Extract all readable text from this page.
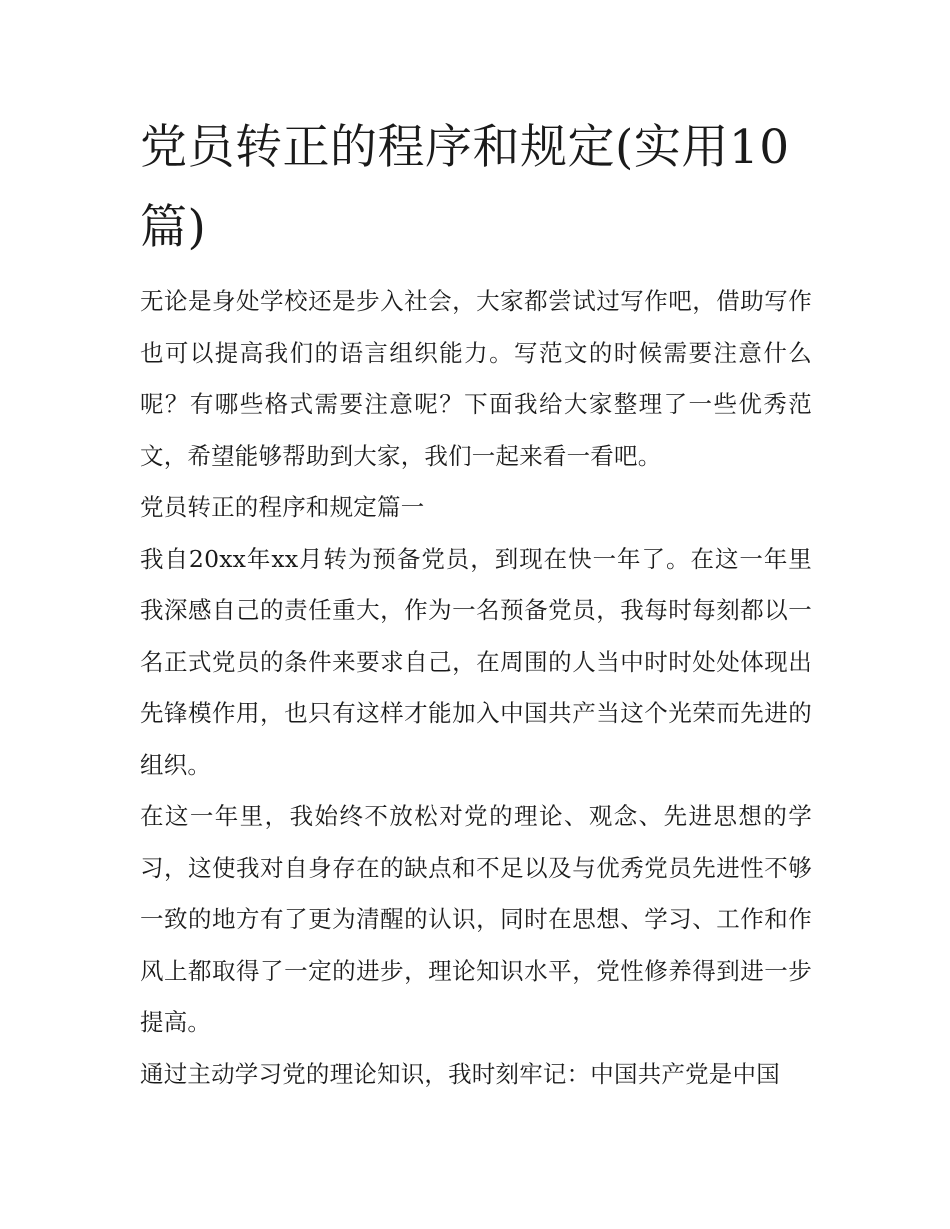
党员转正的程序和规定(实用10篇)

无论是身处学校还是步入社会，大家都尝试过写作吧，借助写作也可以提高我们的语言组织能力。写范文的时候需要注意什么呢？有哪些格式需要注意呢？下面我给大家整理了一些优秀范文，希望能够帮助到大家，我们一起来看一看吧。

党员转正的程序和规定篇一

我自20xx年xx月转为预备党员，到现在快一年了。在这一年里我深感自己的责任重大，作为一名预备党员，我每时每刻都以一名正式党员的条件来要求自己，在周围的人当中时时处处体现出先锋模作用，也只有这样才能加入中国共产当这个光荣而先进的组织。

在这一年里，我始终不放松对党的理论、观念、先进思想的学习，这使我对自身存在的缺点和不足以及与优秀党员先进性不够一致的地方有了更为清醒的认识，同时在思想、学习、工作和作风上都取得了一定的进步，理论知识水平，党性修养得到进一步提高。

通过主动学习党的理论知识，我时刻牢记：中国共产党是中国
